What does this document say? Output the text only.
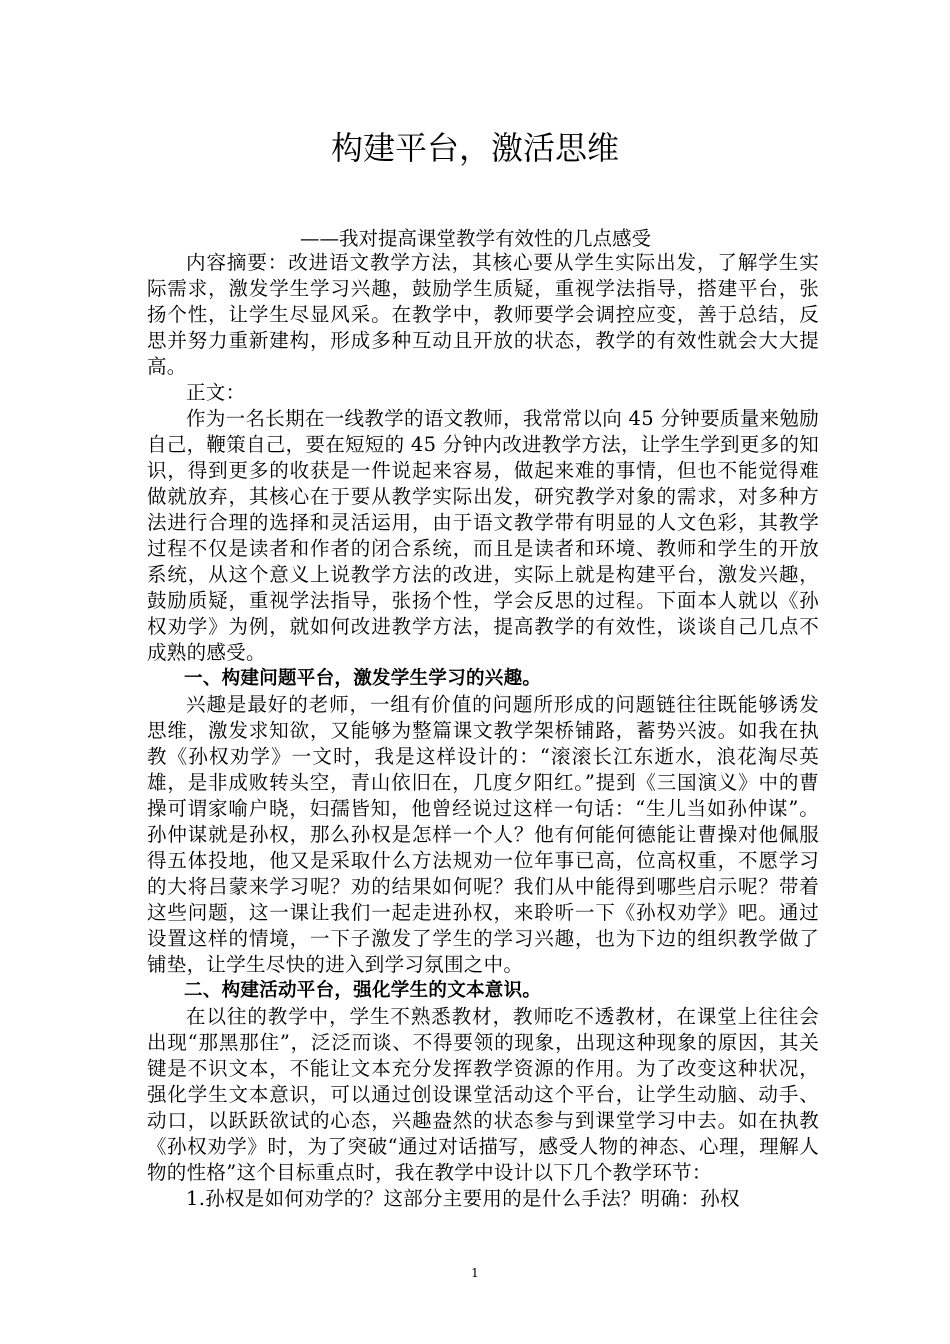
构建平台，激活思维

——我对提高课堂教学有效性的几点感受

内容摘要：改进语文教学方法，其核心要从学生实际出发，了解学生实际需求，激发学生学习兴趣，鼓励学生质疑，重视学法指导，搭建平台，张扬个性，让学生尽显风采。在教学中，教师要学会调控应变，善于总结，反思并努力重新建构，形成多种互动且开放的状态，教学的有效性就会大大提高。

正文：

作为一名长期在一线教学的语文教师，我常常以向 45 分钟要质量来勉励自己，鞭策自己，要在短短的 45 分钟内改进教学方法，让学生学到更多的知识，得到更多的收获是一件说起来容易，做起来难的事情，但也不能觉得难做就放弃，其核心在于要从教学实际出发，研究教学对象的需求，对多种方法进行合理的选择和灵活运用，由于语文教学带有明显的人文色彩，其教学过程不仅是读者和作者的闭合系统，而且是读者和环境、教师和学生的开放系统，从这个意义上说教学方法的改进，实际上就是构建平台，激发兴趣，鼓励质疑，重视学法指导，张扬个性，学会反思的过程。下面本人就以《孙权劝学》为例，就如何改进教学方法，提高教学的有效性，谈谈自己几点不成熟的感受。

一、构建问题平台，激发学生学习的兴趣。

兴趣是最好的老师，一组有价值的问题所形成的问题链往往既能够诱发思维，激发求知欲，又能够为整篇课文教学架桥铺路，蓄势兴波。如我在执教《孙权劝学》一文时，我是这样设计的：“滚滚长江东逝水，浪花淘尽英雄，是非成败转头空，青山依旧在，几度夕阳红。”提到《三国演义》中的曹操可谓家喻户晓，妇孺皆知，他曾经说过这样一句话：“生儿当如孙仲谋”。孙仲谋就是孙权，那么孙权是怎样一个人？他有何能何德能让曹操对他佩服得五体投地，他又是采取什么方法规劝一位年事已高，位高权重，不愿学习的大将吕蒙来学习呢？劝的结果如何呢？我们从中能得到哪些启示呢？带着这些问题，这一课让我们一起走进孙权，来聆听一下《孙权劝学》吧。通过设置这样的情境，一下子激发了学生的学习兴趣，也为下边的组织教学做了铺垫，让学生尽快的进入到学习氛围之中。

二、构建活动平台，强化学生的文本意识。

在以往的教学中，学生不熟悉教材，教师吃不透教材，在课堂上往往会出现“那黑那住”，泛泛而谈、不得要领的现象，出现这种现象的原因，其关键是不识文本，不能让文本充分发挥教学资源的作用。为了改变这种状况，强化学生文本意识，可以通过创设课堂活动这个平台，让学生动脑、动手、动口，以跃跃欲试的心态，兴趣盎然的状态参与到课堂学习中去。如在执教《孙权劝学》时，为了突破“通过对话描写，感受人物的神态、心理，理解人物的性格”这个目标重点时，我在教学中设计以下几个教学环节：

1.孙权是如何劝学的？这部分主要用的是什么手法？明确：孙权

1
